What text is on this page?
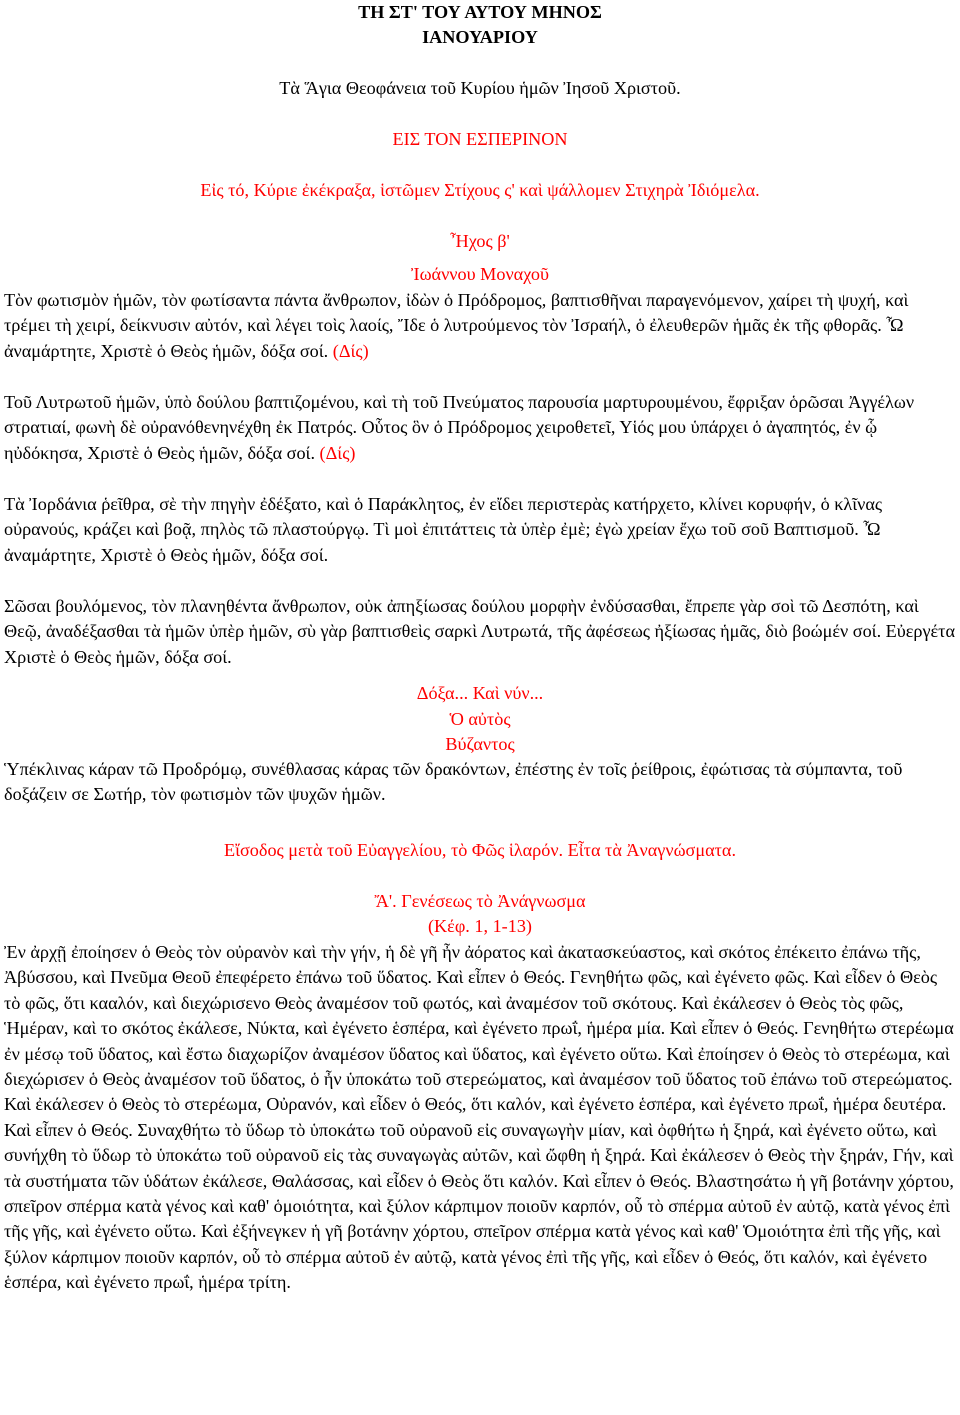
ΤΗ ΣΤ' ΤΟΥ ΑΥΤΟΥ ΜΗΝΟΣ
ΙΑΝΟΥΑΡΙΟΥ
Τὰ Ἅγια Θεοφάνεια τοῦ Κυρίου ἡμῶν Ἰησοῦ Χριστοῦ.
ΕΙΣ ΤΟΝ ΕΣΠΕΡΙΝΟΝ
Εἰς τό, Κύριε ἐκέκραξα, ἱστῶμεν Στίχους ς' καὶ ψάλλομεν Στιχηρὰ Ἰδιόμελα.
Ἦχος β'
Ἰωάννου Μοναχοῦ

Τὸν φωτισμὸν ἡμῶν, τὸν φωτίσαντα πάντα ἄνθρωπον, ἰδὼν ὁ Πρόδρομος, βαπτισθῆναι παραγενόμενον, χαίρει τὴ ψυχή, καὶ τρέμει τὴ χειρί, δείκνυσιν αὐτόν, καὶ λέγει τοὶς λαοίς, Ἴδε ὁ λυτρούμενος τὸν Ἰσραήλ, ὁ ἐλευθερῶν ἡμᾶς ἐκ τῆς φθορᾶς. Ὦ ἀναμάρτητε, Χριστὲ ὁ Θεὸς ἡμῶν, δόξα σοί. (Δίς)

Τοῦ Λυτρωτοῦ ἡμῶν, ὑπὸ δούλου βαπτιζομένου, καὶ τὴ τοῦ Πνεύματος παρουσία μαρτυρουμένου, ἔφριξαν ὁρῶσαι Ἀγγέλων στρατιαί, φωνὴ δὲ οὐρανόθενηνέχθη ἐκ Πατρός. Οὗτος ὃν ὁ Πρόδρομος χειροθετεῖ, Υἱός μου ὑπάρχει ὁ ἀγαπητός, ἐν ᾧ ηὐδόκησα, Χριστὲ ὁ Θεὸς ἡμῶν, δόξα σοί. (Δίς)

Τὰ Ἰορδάνια ῥεῖθρα, σὲ τὴν πηγὴν ἐδέξατο, καὶ ὁ Παράκλητος, ἐν εἴδει περιστερὰς κατήρχετο, κλίνει κορυφήν, ὁ κλῖνας οὐρανούς, κράζει καὶ βοᾷ, πηλὸς τῶ πλαστούργῳ. Τὶ μοὶ ἐπιτάττεις τὰ ὑπὲρ ἐμὲ; ἐγὼ χρείαν ἔχω τοῦ σοῦ Βαπτισμοῦ. Ὦ ἀναμάρτητε, Χριστὲ ὁ Θεὸς ἡμῶν, δόξα σοί.

Σῶσαι βουλόμενος, τὸν πλανηθέντα ἄνθρωπον, οὐκ ἀπηξίωσας δούλου μορφὴν ἐνδύσασθαι, ἔπρεπε γὰρ σοὶ τῶ Δεσπότη, καὶ Θεῷ, ἀναδέξασθαι τὰ ἡμῶν ὑπὲρ ἡμῶν, σὺ γὰρ βαπτισθεὶς σαρκὶ Λυτρωτά, τῆς ἀφέσεως ἠξίωσας ἡμᾶς, διὸ βοώμέν σοί. Εὐεργέτα Χριστὲ ὁ Θεὸς ἡμῶν, δόξα σοί.

Δόξα... Καὶ νύν...
Ὁ αὐτὸς
Βύζαντος

Ὑπέκλινας κάραν τῶ Προδρόμῳ, συνέθλασας κάρας τῶν δρακόντων, ἐπέστης ἐν τοῖς ῥείθροις, ἐφώτισας τὰ σύμπαντα, τοῦ δοξάζειν σε Σωτήρ, τὸν φωτισμὸν τῶν ψυχῶν ἡμῶν.

Εἴσοδος μετὰ τοῦ Εὐαγγελίου, τὸ Φῶς ἱλαρόν. Εἶτα τὰ Ἀναγνώσματα.
Ἄ'. Γενέσεως τὸ Ἀνάγνωσμα
(Κέφ. 1, 1-13)

Ἐν ἀρχῇ ἐποίησεν ὁ Θεὸς τὸν οὐρανὸν καὶ τὴν γήν, ἡ δὲ γῆ ἦν ἀόρατος καὶ ἀκατασκεύαστος, καὶ σκότος ἐπέκειτο ἐπάνω τῆς, Ἀβύσσου, καὶ Πνεῦμα Θεοῦ ἐπεφέρετο ἐπάνω τοῦ ὕδατος. Καὶ εἶπεν ὁ Θεός. Γενηθήτω φῶς, καὶ ἐγένετο φῶς. Καὶ εἶδεν ὁ Θεὸς τὸ φῶς, ὅτι κααλόν, καὶ διεχώρισενο Θεὸς ἀναμέσον τοῦ φωτός, καὶ ἀναμέσον τοῦ σκότους. Καὶ ἐκάλεσεν ὁ Θεὸς τὸς φῶς, Ἡμέραν, καὶ το σκότος ἐκάλεσε, Νύκτα, καὶ ἐγένετο ἑσπέρα, καὶ ἐγένετο πρωΐ, ἡμέρα μία. Καὶ εἶπεν ὁ Θεός. Γενηθήτω στερέωμα ἐν μέσῳ τοῦ ὕδατος, καὶ ἔστω διαχωρίζον ἀναμέσον ὕδατος καὶ ὕδατος, καὶ ἐγένετο οὕτω. Καὶ ἐποίησεν ὁ Θεὸς τὸ στερέωμα, καὶ διεχώρισεν ὁ Θεὸς ἀναμέσον τοῦ ὕδατος, ὁ ἦν ὑποκάτω τοῦ στερεώματος, καὶ ἀναμέσον τοῦ ὕδατος τοῦ ἐπάνω τοῦ στερεώματος. Καὶ ἐκάλεσεν ὁ Θεὸς τὸ στερέωμα, Οὐρανόν, καὶ εἶδεν ὁ Θεός, ὅτι καλόν, καὶ ἐγένετο ἑσπέρα, καὶ ἐγένετο πρωΐ, ἡμέρα δευτέρα. Καὶ εἶπεν ὁ Θεός. Συναχθήτω τὸ ὕδωρ τὸ ὑποκάτω τοῦ οὐρανοῦ εἰς συναγωγὴν μίαν, καὶ ὀφθήτω ἡ ξηρά, καὶ ἐγένετο οὕτω, καὶ συνήχθη τὸ ὕδωρ τὸ ὑποκάτω τοῦ οὐρανοῦ εἰς τὰς συναγωγὰς αὐτῶν, καὶ ὤφθη ἡ ξηρά. Καὶ ἐκάλεσεν ὁ Θεὸς τὴν ξηράν, Γήν, καὶ τὰ συστήματα τῶν ὑδάτων ἐκάλεσε, Θαλάσσας, καὶ εἶδεν ὁ Θεὸς ὅτι καλόν. Καὶ εἶπεν ὁ Θεός. Βλαστησάτω ἡ γῆ βοτάνην χόρτου, σπεῖρον σπέρμα κατὰ γένος καὶ καθ' ὁμοιότητα, καὶ ξύλον κάρπιμον ποιοῦν καρπόν, οὗ τὸ σπέρμα αὐτοῦ ἐν αὐτῷ, κατὰ γένος ἐπὶ τῆς γῆς, καὶ ἐγένετο οὕτω. Καὶ ἐξήνεγκεν ἡ γῆ βοτάνην χόρτου, σπεῖρον σπέρμα κατὰ γένος καὶ καθ' Ὁμοιότητα ἐπὶ τῆς γῆς, καὶ ξύλον κάρπιμον ποιοῦν καρπόν, οὗ τὸ σπέρμα αὐτοῦ ἐν αὐτῷ, κατὰ γένος ἐπὶ τῆς γῆς, καὶ εἶδεν ὁ Θεός, ὅτι καλόν, καὶ ἐγένετο ἑσπέρα, καὶ ἐγένετο πρωΐ, ἡμέρα τρίτη.
